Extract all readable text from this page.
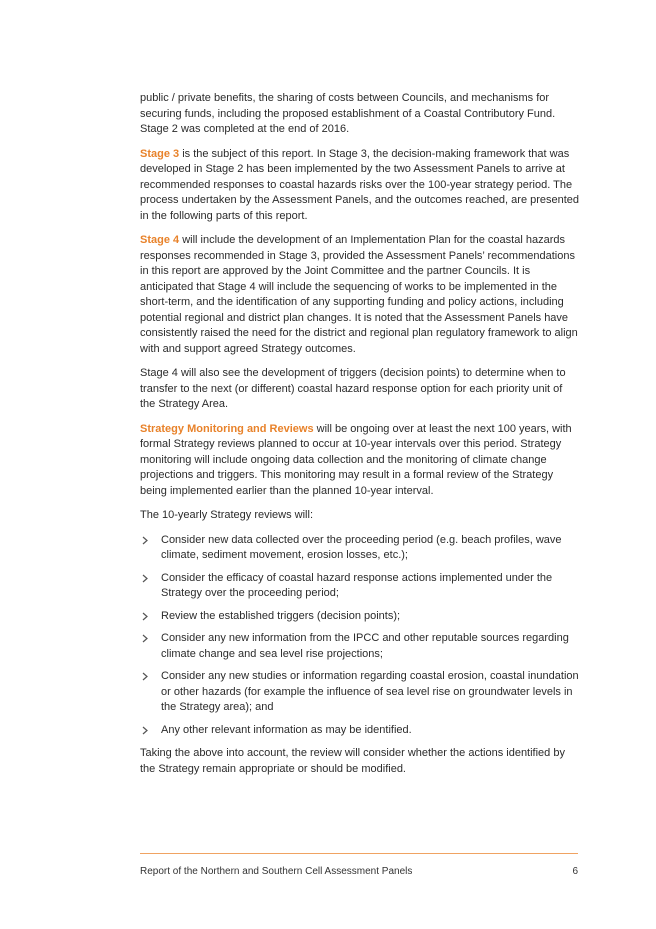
public / private benefits, the sharing of costs between Councils, and mechanisms for securing funds, including the proposed establishment of a Coastal Contributory Fund. Stage 2 was completed at the end of 2016.

Stage 3 is the subject of this report. In Stage 3, the decision-making framework that was developed in Stage 2 has been implemented by the two Assessment Panels to arrive at recommended responses to coastal hazards risks over the 100-year strategy period. The process undertaken by the Assessment Panels, and the outcomes reached, are presented in the following parts of this report.

Stage 4 will include the development of an Implementation Plan for the coastal hazards responses recommended in Stage 3, provided the Assessment Panels’ recommendations in this report are approved by the Joint Committee and the partner Councils. It is anticipated that Stage 4 will include the sequencing of works to be implemented in the short-term, and the identification of any supporting funding and policy actions, including potential regional and district plan changes. It is noted that the Assessment Panels have consistently raised the need for the district and regional plan regulatory framework to align with and support agreed Strategy outcomes.

Stage 4 will also see the development of triggers (decision points) to determine when to transfer to the next (or different) coastal hazard response option for each priority unit of the Strategy Area.

Strategy Monitoring and Reviews will be ongoing over at least the next 100 years, with formal Strategy reviews planned to occur at 10-year intervals over this period. Strategy monitoring will include ongoing data collection and the monitoring of climate change projections and triggers. This monitoring may result in a formal review of the Strategy being implemented earlier than the planned 10-year interval.

The 10-yearly Strategy reviews will:

Consider new data collected over the proceeding period (e.g. beach profiles, wave climate, sediment movement, erosion losses, etc.);
Consider the efficacy of coastal hazard response actions implemented under the Strategy over the proceeding period;
Review the established triggers (decision points);
Consider any new information from the IPCC and other reputable sources regarding climate change and sea level rise projections;
Consider any new studies or information regarding coastal erosion, coastal inundation or other hazards (for example the influence of sea level rise on groundwater levels in the Strategy area); and
Any other relevant information as may be identified.

Taking the above into account, the review will consider whether the actions identified by the Strategy remain appropriate or should be modified.

Report of the Northern and Southern Cell Assessment Panels	6
